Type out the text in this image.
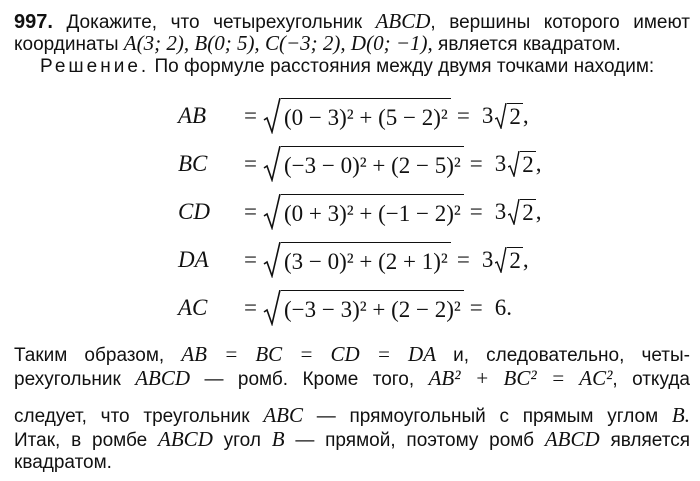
997. Докажите, что четырехугольник ABCD, вершины которого имеют
координаты A(3; 2), B(0; 5), C(−3; 2), D(0; −1), является квадратом.
Решение. По формуле расстояния между двумя точками находим:
AB	= (0 − 3)² + (5 − 2)² = 3 2 ,
BC	= (−3 − 0)² + (2 − 5)² = 3 2 ,
CD	= (0 + 3)² + (−1 − 2)² = 3 2 ,
DA	= (3 − 0)² + (2 + 1)² = 3 2 ,
AC	= (−3 − 3)² + (2 − 2)² = 6.
Таким образом, AB = BC = CD = DA и, следовательно, четы-
рехугольник ABCD — ромб. Кроме того, AB² + BC² = AC², откуда
следует, что треугольник ABC — прямоугольный с прямым углом B.
Итак, в ромбе ABCD угол B — прямой, поэтому ромб ABCD является
квадратом.
